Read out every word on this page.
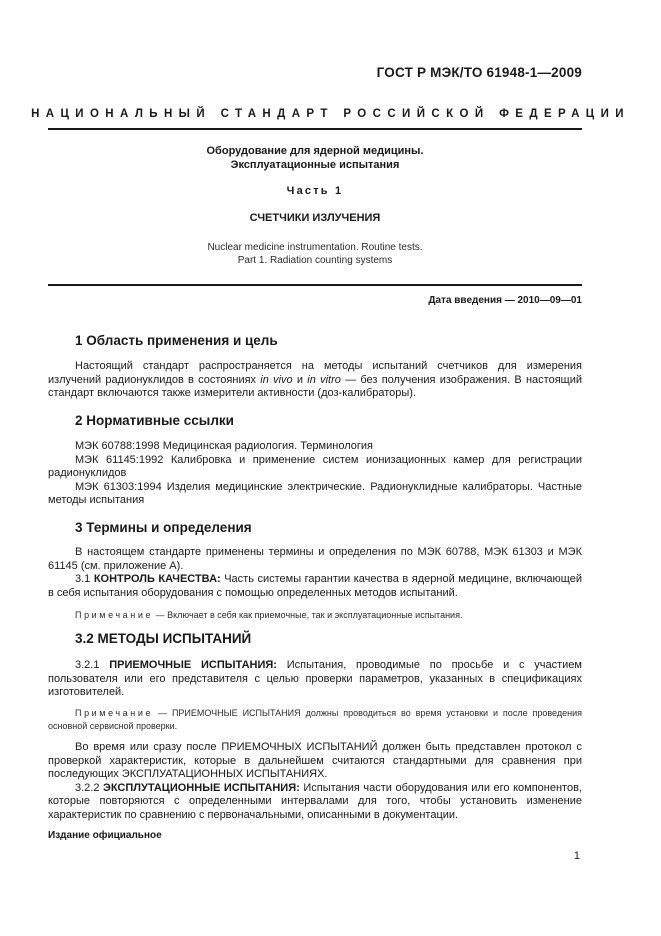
ГОСТ Р МЭК/ТО 61948-1—2009
НАЦИОНАЛЬНЫЙ СТАНДАРТ РОССИЙСКОЙ ФЕДЕРАЦИИ
Оборудование для ядерной медицины.
Эксплуатационные испытания
Часть 1
СЧЕТЧИКИ ИЗЛУЧЕНИЯ
Nuclear medicine instrumentation. Routine tests.
Part 1. Radiation counting systems
Дата введения — 2010—09—01
1 Область применения и цель

Настоящий стандарт распространяется на методы испытаний счетчиков для измерения излучений радионуклидов в состояниях in vivo и in vitro — без получения изображения. В настоящий стандарт включаются также измерители активности (доз-калибраторы).

2 Нормативные ссылки

МЭК 60788:1998 Медицинская радиология. Терминология

МЭК 61145:1992 Калибровка и применение систем ионизационных камер для регистрации радионуклидов

МЭК 61303:1994 Изделия медицинские электрические. Радионуклидные калибраторы. Частные методы испытания

3 Термины и определения

В настоящем стандарте применены термины и определения по МЭК 60788, МЭК 61303 и МЭК 61145 (см. приложение А).

3.1 КОНТРОЛЬ КАЧЕСТВА: Часть системы гарантии качества в ядерной медицине, включающей в себя испытания оборудования с помощью определенных методов испытаний.

Примечание — Включает в себя как приемочные, так и эксплуатационные испытания.

3.2 МЕТОДЫ ИСПЫТАНИЙ

3.2.1 ПРИЕМОЧНЫЕ ИСПЫТАНИЯ: Испытания, проводимые по просьбе и с участием пользователя или его представителя с целью проверки параметров, указанных в спецификациях изготовителей.

Примечание — ПРИЕМОЧНЫЕ ИСПЫТАНИЯ должны проводиться во время установки и после проведения основной сервисной проверки.

Во время или сразу после ПРИЕМОЧНЫХ ИСПЫТАНИЙ должен быть представлен протокол с проверкой характеристик, которые в дальнейшем считаются стандартными для сравнения при последующих ЭКСПЛУАТАЦИОННЫХ ИСПЫТАНИЯХ.

3.2.2 ЭКСПЛУТАЦИОННЫЕ ИСПЫТАНИЯ: Испытания части оборудования или его компонентов, которые повторяются с определенными интервалами для того, чтобы установить изменение характеристик по сравнению с первоначальными, описанными в документации.

Издание официальное
1
